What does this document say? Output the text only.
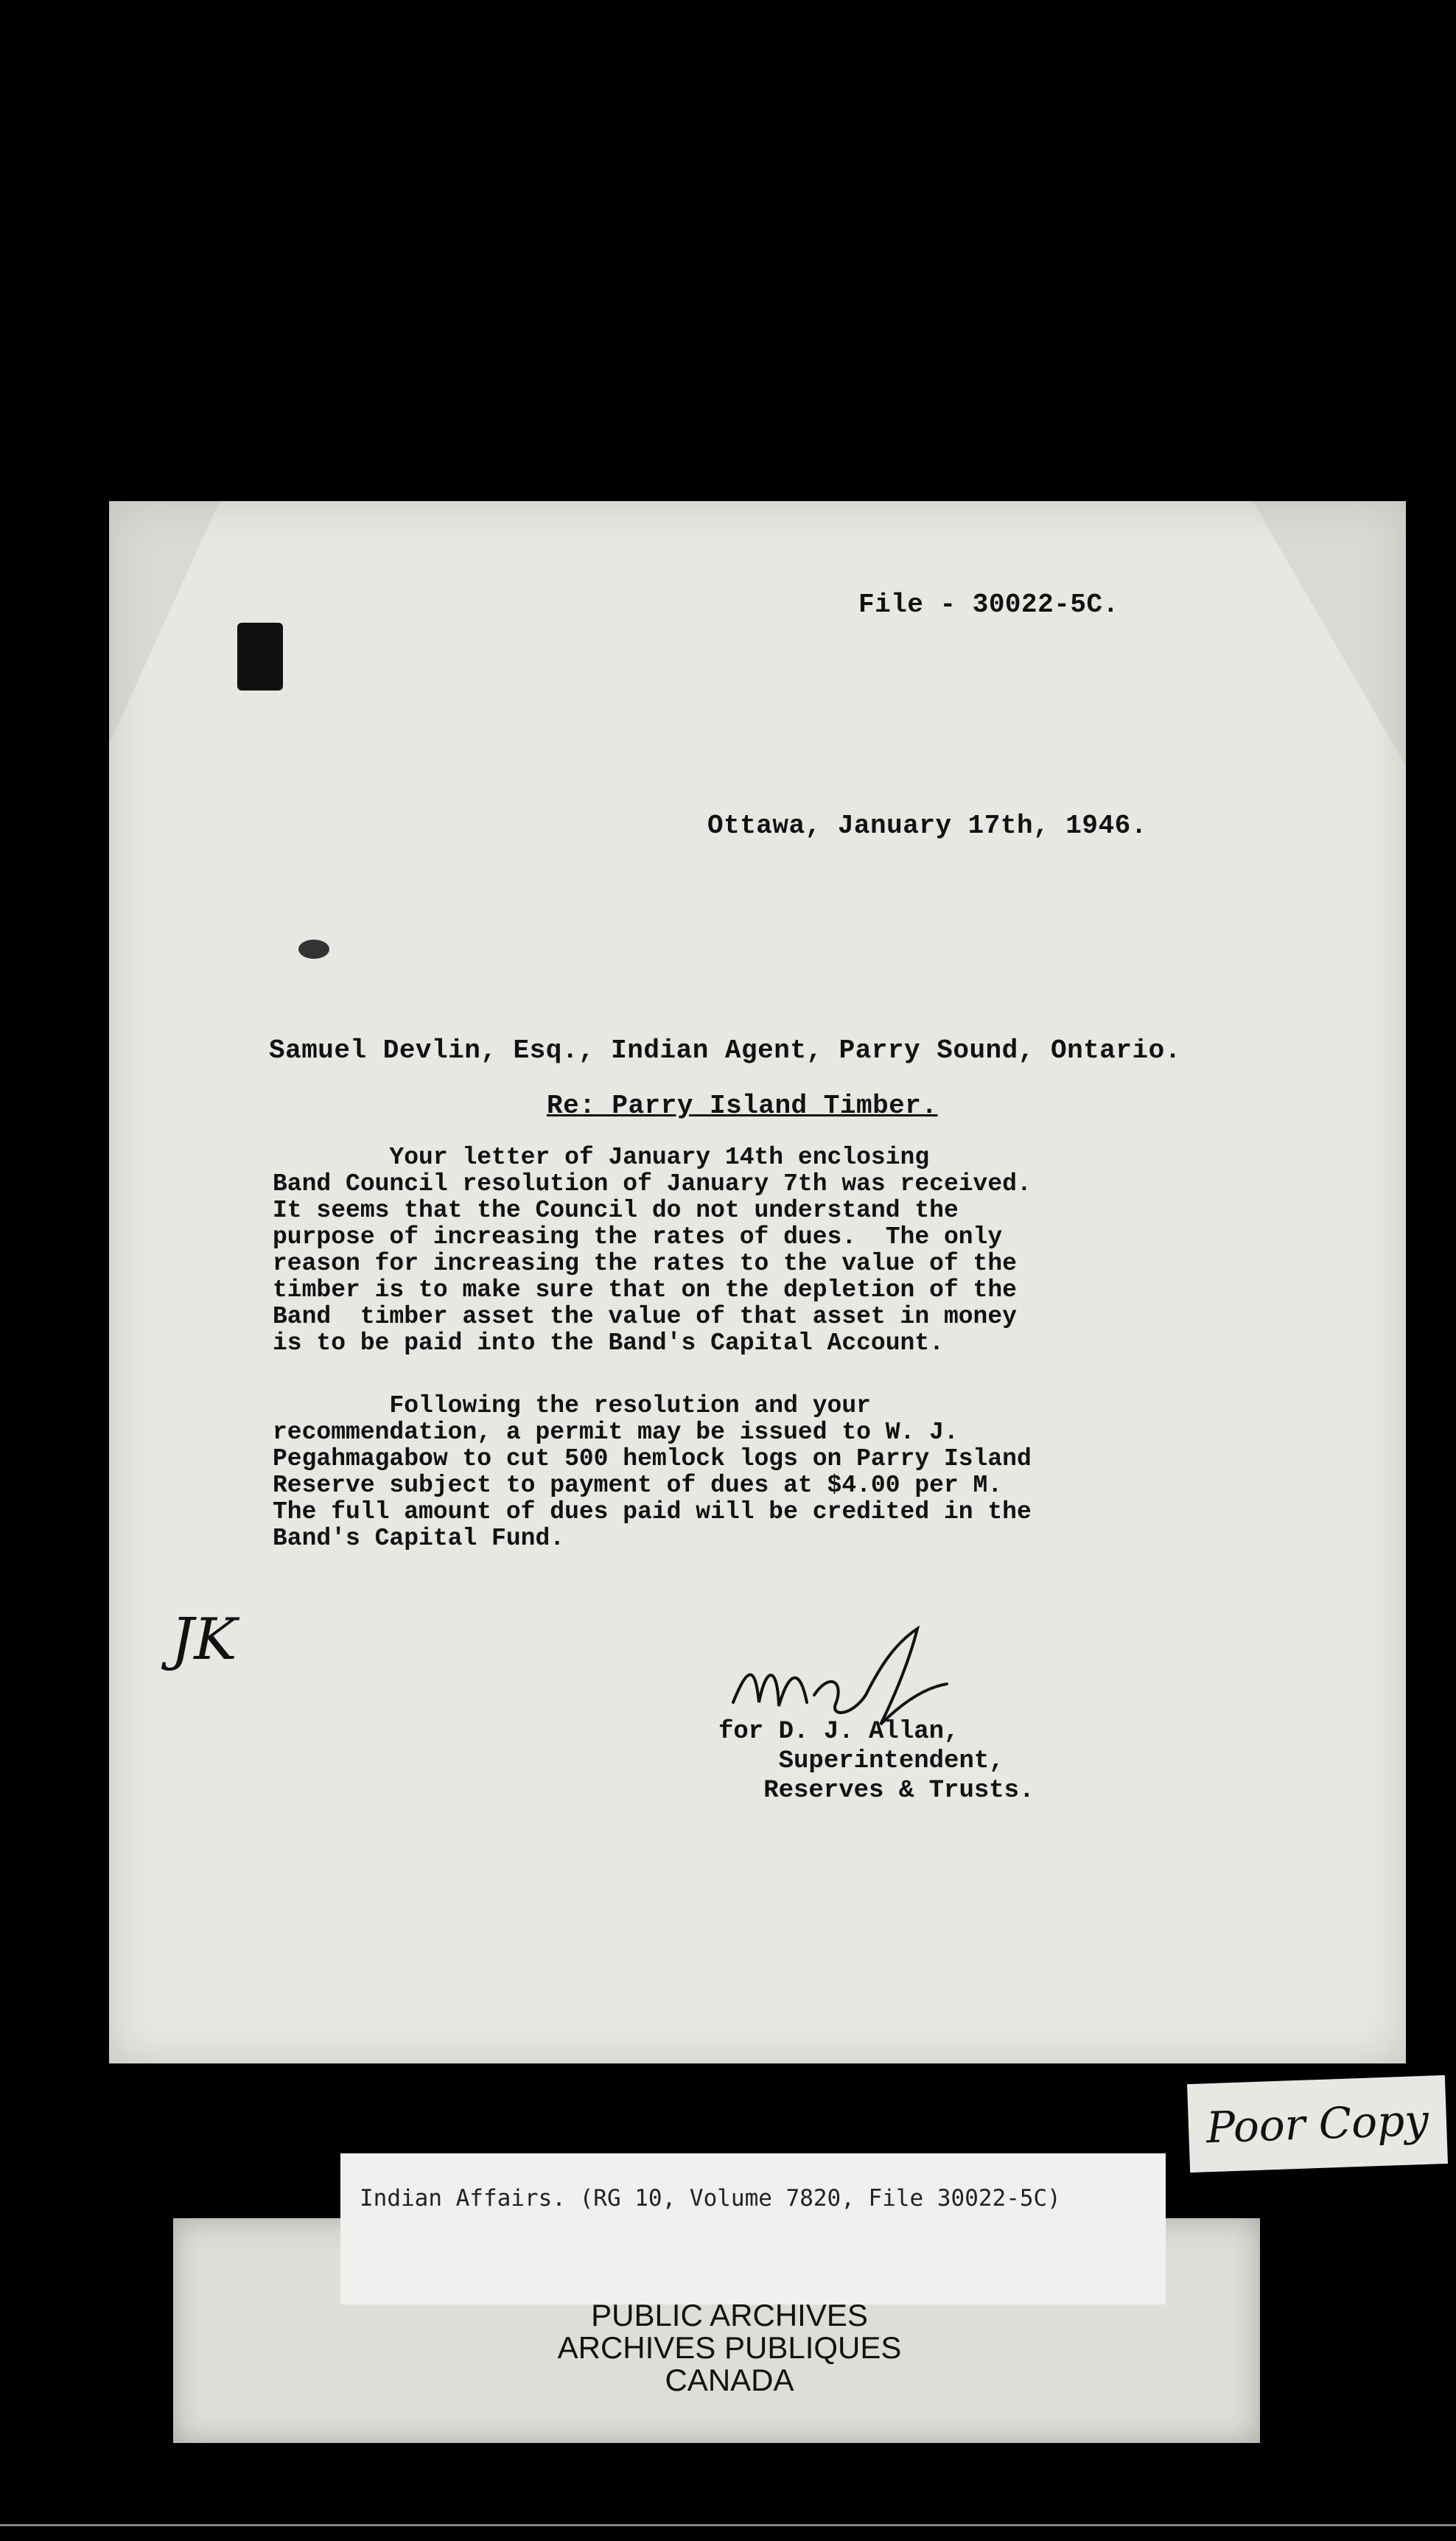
File - 30022-5C.
Ottawa, January 17th, 1946.
Samuel Devlin, Esq., Indian Agent, Parry Sound, Ontario.
Re: Parry Island Timber.
Your letter of January 14th enclosing
Band Council resolution of January 7th was received.
It seems that the Council do not understand the
purpose of increasing the rates of dues.  The only
reason for increasing the rates to the value of the
timber is to make sure that on the depletion of the
Band  timber asset the value of that asset in money
is to be paid into the Band's Capital Account.
Following the resolution and your
recommendation, a permit may be issued to W. J.
Pegahmagabow to cut 500 hemlock logs on Parry Island
Reserve subject to payment of dues at $4.00 per M.
The full amount of dues paid will be credited in the
Band's Capital Fund.
JK
for D. J. Allan,
Superintendent,
Reserves & Trusts.
Poor Copy
Indian Affairs. (RG 10, Volume 7820, File 30022-5C)
PUBLIC ARCHIVES
ARCHIVES PUBLIQUES
CANADA
